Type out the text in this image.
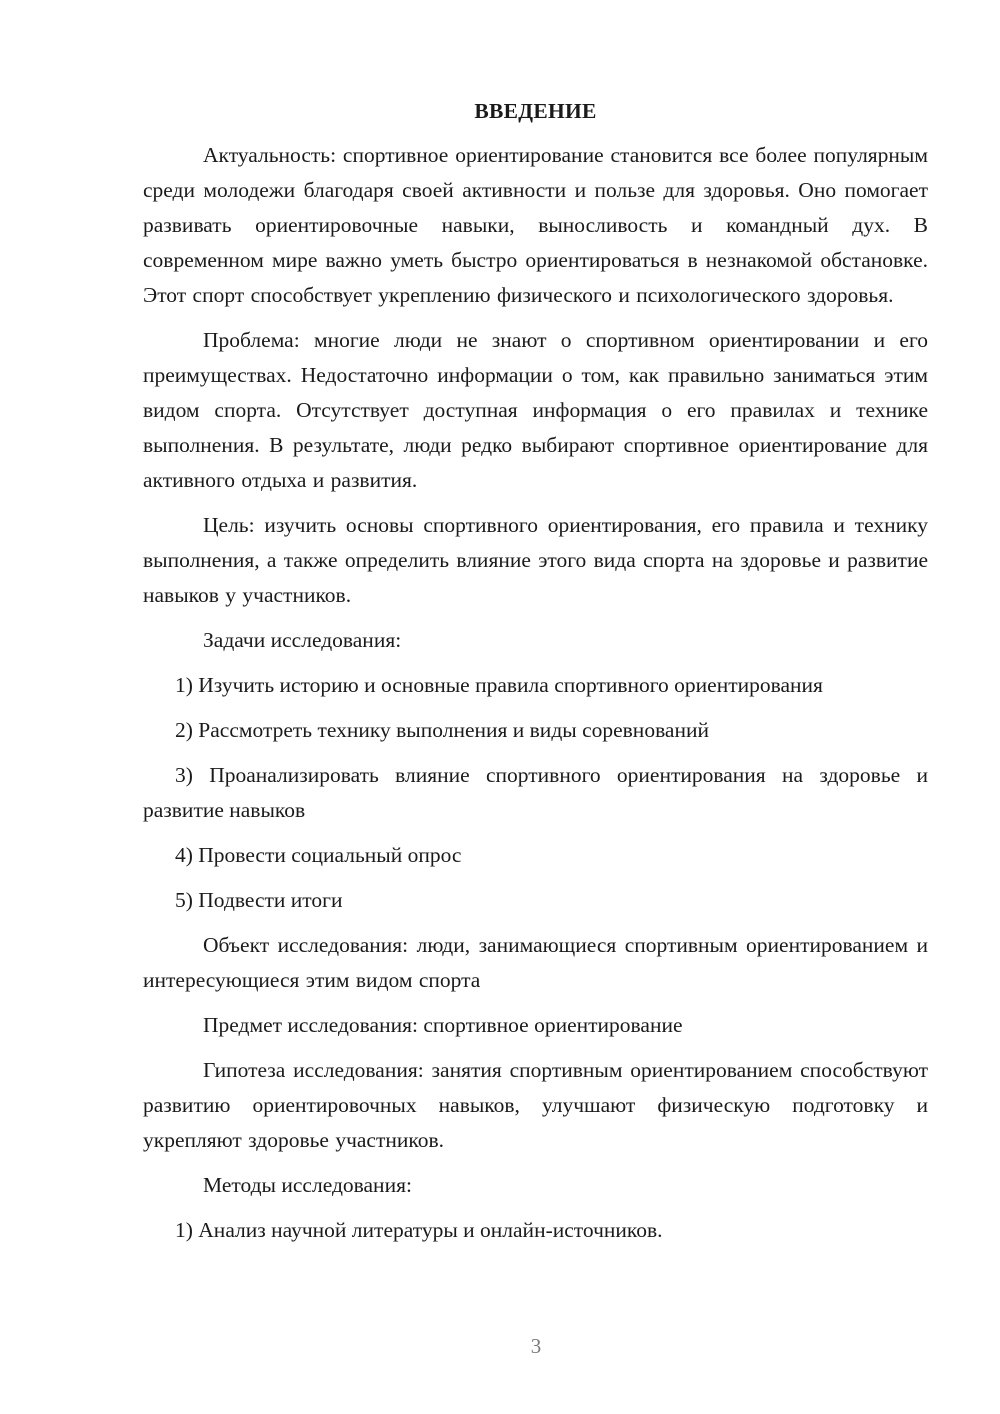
ВВЕДЕНИЕ

Актуальность: спортивное ориентирование становится все более популярным среди молодежи благодаря своей активности и пользе для здоровья. Оно помогает развивать ориентировочные навыки, выносливость и командный дух. В современном мире важно уметь быстро ориентироваться в незнакомой обстановке. Этот спорт способствует укреплению физического и психологического здоровья.

Проблема: многие люди не знают о спортивном ориентировании и его преимуществах. Недостаточно информации о том, как правильно заниматься этим видом спорта. Отсутствует доступная информация о его правилах и технике выполнения. В результате, люди редко выбирают спортивное ориентирование для активного отдыха и развития.

Цель: изучить основы спортивного ориентирования, его правила и технику выполнения, а также определить влияние этого вида спорта на здоровье и развитие навыков у участников.

Задачи исследования:

1) Изучить историю и основные правила спортивного ориентирования

2) Рассмотреть технику выполнения и виды соревнований

3) Проанализировать влияние спортивного ориентирования на здоровье и развитие навыков

4) Провести социальный опрос

5) Подвести итоги

Объект исследования: люди, занимающиеся спортивным ориентированием и интересующиеся этим видом спорта

Предмет исследования: спортивное ориентирование

Гипотеза исследования: занятия спортивным ориентированием способствуют развитию ориентировочных навыков, улучшают физическую подготовку и укрепляют здоровье участников.

Методы исследования:

1) Анализ научной литературы и онлайн-источников.

3
